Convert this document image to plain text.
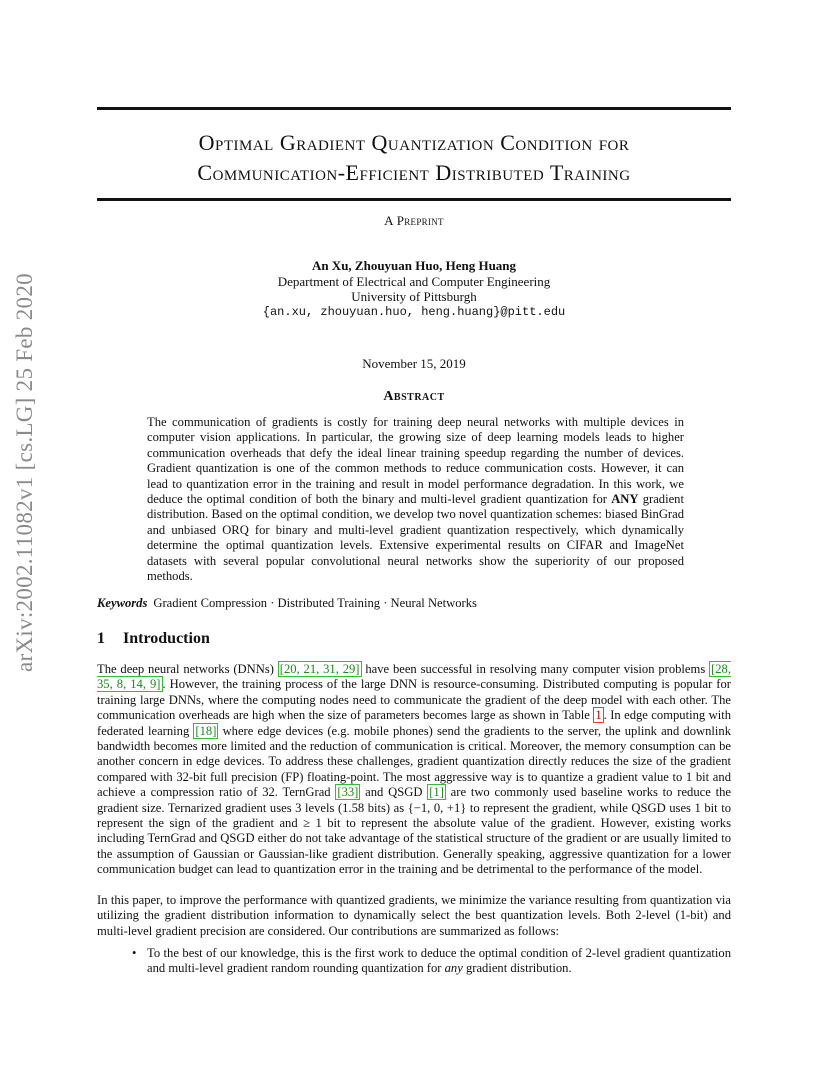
arXiv:2002.11082v1 [cs.LG] 25 Feb 2020
Optimal Gradient Quantization Condition for
Communication-Efficient Distributed Training
A Preprint
An Xu, Zhouyuan Huo, Heng Huang
Department of Electrical and Computer Engineering
University of Pittsburgh
{an.xu, zhouyuan.huo, heng.huang}@pitt.edu
November 15, 2019
Abstract
The communication of gradients is costly for training deep neural networks with multiple devices in computer vision applications. In particular, the growing size of deep learning models leads to higher communication overheads that defy the ideal linear training speedup regarding the number of devices. Gradient quantization is one of the common methods to reduce communication costs. However, it can lead to quantization error in the training and result in model performance degradation. In this work, we deduce the optimal condition of both the binary and multi-level gradient quantization for ANY gradient distribution. Based on the optimal condition, we develop two novel quantization schemes: biased BinGrad and unbiased ORQ for binary and multi-level gradient quantization respectively, which dynamically determine the optimal quantization levels. Extensive experimental results on CIFAR and ImageNet datasets with several popular convolutional neural networks show the superiority of our proposed methods.
Keywords Gradient Compression · Distributed Training · Neural Networks
1 Introduction
The deep neural networks (DNNs) [20, 21, 31, 29] have been successful in resolving many computer vision problems [28, 35, 8, 14, 9] . However, the training process of the large DNN is resource-consuming. Distributed computing is popular for training large DNNs, where the computing nodes need to communicate the gradient of the deep model with each other. The communication overheads are high when the size of parameters becomes large as shown in Table 1 . In edge computing with federated learning [18] where edge devices (e.g. mobile phones) send the gradients to the server, the uplink and downlink bandwidth becomes more limited and the reduction of communication is critical. Moreover, the memory consumption can be another concern in edge devices. To address these challenges, gradient quantization directly reduces the size of the gradient compared with 32-bit full precision (FP) floating-point. The most aggressive way is to quantize a gradient value to 1 bit and achieve a compression ratio of 32. TernGrad [33] and QSGD [1] are two commonly used baseline works to reduce the gradient size. Ternarized gradient uses 3 levels (1.58 bits) as {−1, 0, +1} to represent the gradient, while QSGD uses 1 bit to represent the sign of the gradient and ≥ 1 bit to represent the absolute value of the gradient. However, existing works including TernGrad and QSGD either do not take advantage of the statistical structure of the gradient or are usually limited to the assumption of Gaussian or Gaussian-like gradient distribution. Generally speaking, aggressive quantization for a lower communication budget can lead to quantization error in the training and be detrimental to the performance of the model.
In this paper, to improve the performance with quantized gradients, we minimize the variance resulting from quantization via utilizing the gradient distribution information to dynamically select the best quantization levels. Both 2-level (1-bit) and multi-level gradient precision are considered. Our contributions are summarized as follows:
• To the best of our knowledge, this is the first work to deduce the optimal condition of 2-level gradient quantization and multi-level gradient random rounding quantization for any gradient distribution.
